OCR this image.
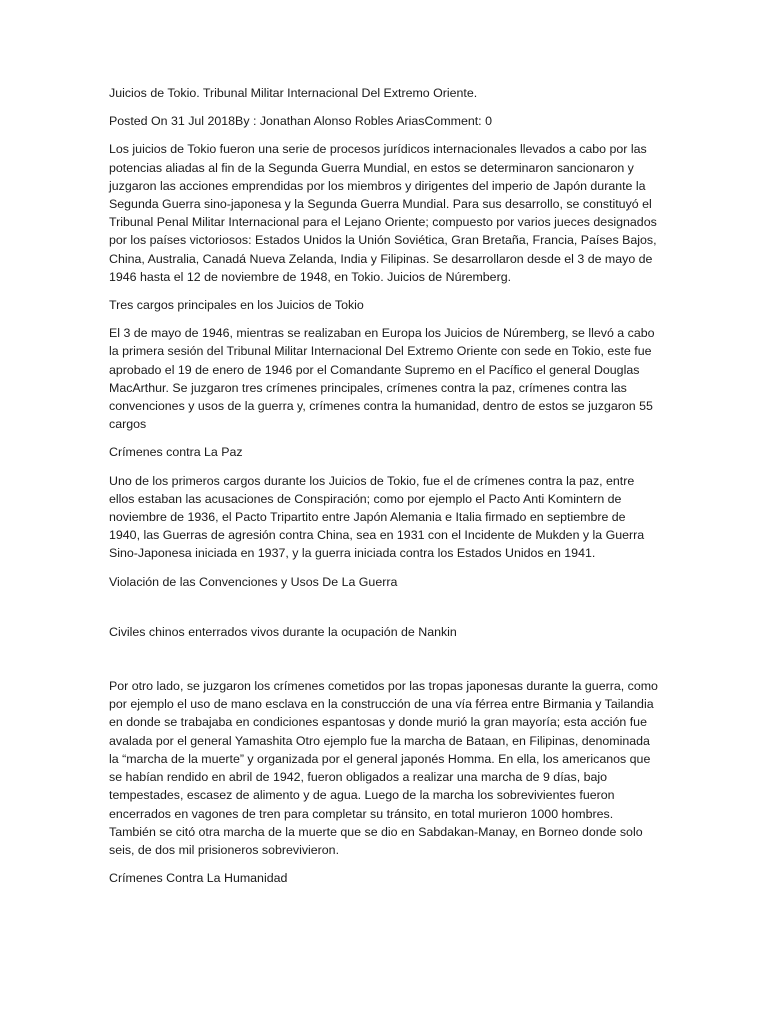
Juicios de Tokio. Tribunal Militar Internacional Del Extremo Oriente.

Posted On 31 Jul 2018By : Jonathan Alonso Robles AriasComment: 0

Los juicios de Tokio fueron una serie de procesos jurídicos internacionales llevados a cabo por las potencias aliadas al fin de la Segunda Guerra Mundial, en estos se determinaron sancionaron y juzgaron las acciones emprendidas por los miembros y dirigentes del imperio de Japón durante la Segunda Guerra sino-japonesa y la Segunda Guerra Mundial. Para sus desarrollo, se constituyó el Tribunal Penal Militar Internacional para el Lejano Oriente; compuesto por varios jueces designados por los países victoriosos: Estados Unidos la Unión Soviética, Gran Bretaña, Francia, Países Bajos, China, Australia, Canadá Nueva Zelanda, India y Filipinas. Se desarrollaron desde el 3 de mayo de 1946 hasta el 12 de noviembre de 1948, en Tokio. Juicios de Núremberg.

Tres cargos principales en los Juicios de Tokio

El 3 de mayo de 1946, mientras se realizaban en Europa los Juicios de Núremberg, se llevó a cabo la primera sesión del Tribunal Militar Internacional Del Extremo Oriente con sede en Tokio, este fue aprobado el 19 de enero de 1946 por el Comandante Supremo en el Pacífico el general Douglas MacArthur. Se juzgaron tres crímenes principales, crímenes contra la paz, crímenes contra las convenciones y usos de la guerra y, crímenes contra la humanidad, dentro de estos se juzgaron 55 cargos

Crímenes contra La Paz

Uno de los primeros cargos durante los Juicios de Tokio, fue el de crímenes contra la paz, entre ellos estaban las acusaciones de Conspiración; como por ejemplo el Pacto Anti Komintern de noviembre de 1936, el Pacto Tripartito entre Japón Alemania e Italia firmado en septiembre de 1940, las Guerras de agresión contra China, sea en 1931 con el Incidente de Mukden y la Guerra Sino-Japonesa iniciada en 1937, y la guerra iniciada contra los Estados Unidos en 1941.

Violación de las Convenciones y Usos De La Guerra

Civiles chinos enterrados vivos durante la ocupación de Nankin

Por otro lado, se juzgaron los crímenes cometidos por las tropas japonesas durante la guerra, como por ejemplo el uso de mano esclava en la construcción de una vía férrea entre Birmania y Tailandia en donde se trabajaba en condiciones espantosas y donde murió la gran mayoría; esta acción fue avalada por el general Yamashita Otro ejemplo fue la marcha de Bataan, en Filipinas, denominada la “marcha de la muerte” y organizada por el general japonés Homma. En ella, los americanos que se habían rendido en abril de 1942, fueron obligados a realizar una marcha de 9 días, bajo tempestades, escasez de alimento y de agua. Luego de la marcha los sobrevivientes fueron encerrados en vagones de tren para completar su tránsito, en total murieron 1000 hombres. También se citó otra marcha de la muerte que se dio en Sabdakan-Manay, en Borneo donde solo seis, de dos mil prisioneros sobrevivieron.

Crímenes Contra La Humanidad
